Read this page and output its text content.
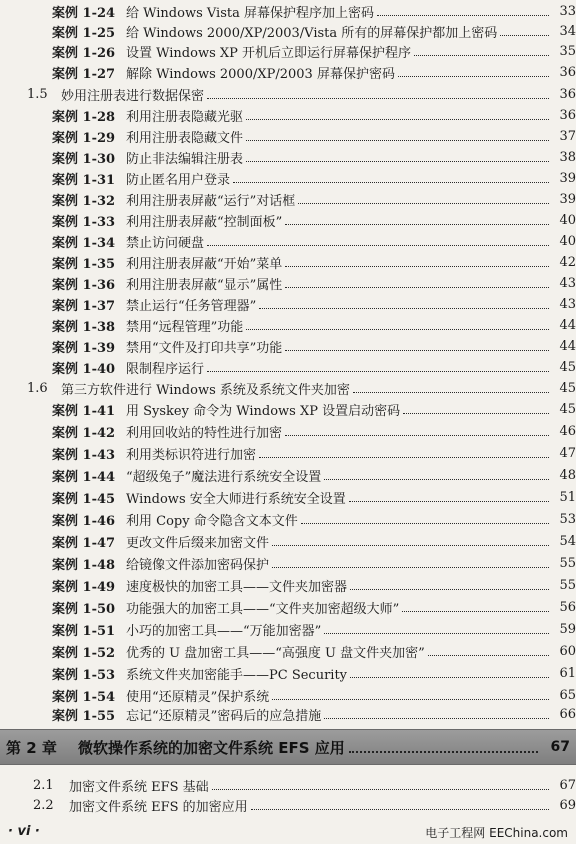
案例 1-24 给 Windows Vista 屏幕保护程序加上密码	33
案例 1-25 给 Windows 2000/XP/2003/Vista 所有的屏幕保护都加上密码	34
案例 1-26 设置 Windows XP 开机后立即运行屏幕保护程序	35
案例 1-27 解除 Windows 2000/XP/2003 屏幕保护密码	36
1.5	妙用注册表进行数据保密	36
案例 1-28 利用注册表隐藏光驱	36
案例 1-29 利用注册表隐藏文件	37
案例 1-30 防止非法编辑注册表	38
案例 1-31 防止匿名用户登录	39
案例 1-32 利用注册表屏蔽“运行”对话框	39
案例 1-33 利用注册表屏蔽“控制面板”	40
案例 1-34 禁止访问硬盘	40
案例 1-35 利用注册表屏蔽“开始”菜单	42
案例 1-36 利用注册表屏蔽“显示”属性	43
案例 1-37 禁止运行“任务管理器”	43
案例 1-38 禁用“远程管理”功能	44
案例 1-39 禁用“文件及打印共享”功能	44
案例 1-40 限制程序运行	45
1.6	第三方软件进行 Windows 系统及系统文件夹加密	45
案例 1-41 用 Syskey 命令为 Windows XP 设置启动密码	45
案例 1-42 利用回收站的特性进行加密	46
案例 1-43 利用类标识符进行加密	47
案例 1-44 “超级兔子”魔法进行系统安全设置	48
案例 1-45 Windows 安全大师进行系统安全设置	51
案例 1-46 利用 Copy 命令隐含文本文件	53
案例 1-47 更改文件后缀来加密文件	54
案例 1-48 给镜像文件添加密码保护	55
案例 1-49 速度极快的加密工具——文件夹加密器	55
案例 1-50 功能强大的加密工具——“文件夹加密超级大师”	56
案例 1-51 小巧的加密工具——“万能加密器”	59
案例 1-52 优秀的 U 盘加密工具——“高强度 U 盘文件夹加密”	60
案例 1-53 系统文件夹加密能手——PC Security	61
案例 1-54 使用“还原精灵”保护系统	65
案例 1-55 忘记“还原精灵”密码后的应急措施	66
第 2 章	微软操作系统的加密文件系统 EFS 应用	67
2.1	加密文件系统 EFS 基础	67
2.2	加密文件系统 EFS 的加密应用	69
· vi ·	电子工程网 EEChina.com
